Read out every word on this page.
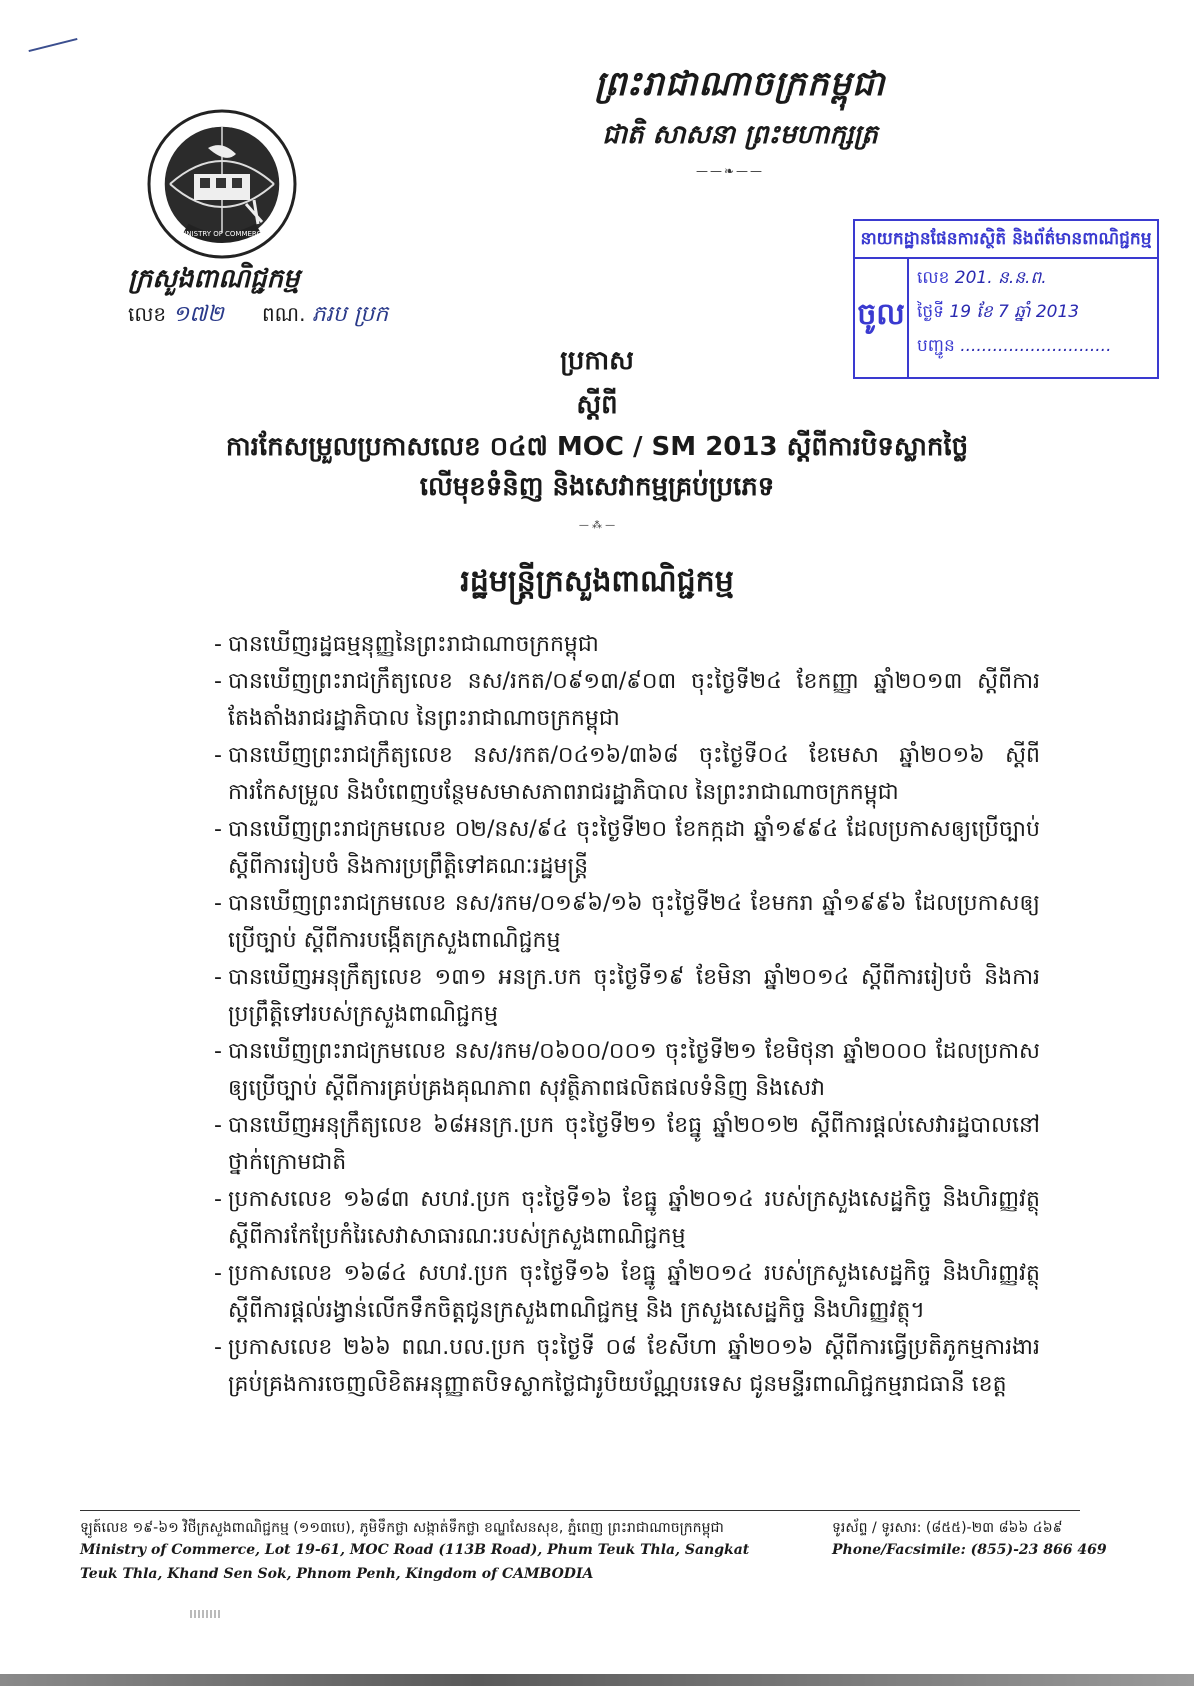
ព្រះរាជាណាចក្រកម្ពុជា
ជាតិ សាសនា ព្រះមហាក្សត្រ
——❧——
MINISTRY OF COMMERCE
ក្រសួងពាណិជ្ជកម្ម
លេខ ១៧២ ពណ. ភរប ប្រក
នាយកដ្ឋានផែនការស្ថិតិ និងព័ត៌មានពាណិជ្ជកម្ម
ចូល
លេខ 201. ន.ន.ព.
ថ្ងៃទី 19 ខែ 7 ឆ្នាំ 2013
បញ្ជូន ............................
ប្រកាស
ស្ដីពី
ការកែសម្រួលប្រកាសលេខ ០៤៧ MOC / SM 2013 ស្ដីពីការបិទស្លាកថ្លៃ
លើមុខទំនិញ និងសេវាកម្មគ្រប់ប្រភេទ
— ⁂ —
រដ្ឋមន្ត្រីក្រសួងពាណិជ្ជកម្ម

- បានឃើញរដ្ឋធម្មនុញ្ញនៃព្រះរាជាណាចក្រកម្ពុជា

- បានឃើញព្រះរាជក្រឹត្យលេខ នស/រកត/០៩១៣/៩០៣ ចុះថ្ងៃទី២៤ ខែកញ្ញា ឆ្នាំ២០១៣ ស្ដីពីការតែងតាំងរាជរដ្ឋាភិបាល នៃព្រះរាជាណាចក្រកម្ពុជា

- បានឃើញព្រះរាជក្រឹត្យលេខ នស/រកត/០៤១៦/៣៦៨ ចុះថ្ងៃទី០៤ ខែមេសា ឆ្នាំ២០១៦ ស្ដីពីការកែសម្រួល និងបំពេញបន្ថែមសមាសភាពរាជរដ្ឋាភិបាល នៃព្រះរាជាណាចក្រកម្ពុជា

- បានឃើញព្រះរាជក្រមលេខ ០២/នស/៩៤ ចុះថ្ងៃទី២០ ខែកក្កដា ឆ្នាំ១៩៩៤ ដែលប្រកាសឲ្យប្រើច្បាប់ស្ដីពីការរៀបចំ និងការប្រព្រឹត្តិទៅគណៈរដ្ឋមន្ត្រី

- បានឃើញព្រះរាជក្រមលេខ នស/រកម/០១៩៦/១៦ ចុះថ្ងៃទី២៤ ខែមករា ឆ្នាំ១៩៩៦ ដែលប្រកាសឲ្យប្រើច្បាប់ ស្ដីពីការបង្កើតក្រសួងពាណិជ្ជកម្ម

- បានឃើញអនុក្រឹត្យលេខ ១៣១ អនក្រ.បក ចុះថ្ងៃទី១៩ ខែមិនា ឆ្នាំ២០១៤ ស្ដីពីការរៀបចំ និងការប្រព្រឹត្តិទៅរបស់ក្រសួងពាណិជ្ជកម្ម

- បានឃើញព្រះរាជក្រមលេខ នស/រកម/០៦០០/០០១ ចុះថ្ងៃទី២១ ខែមិថុនា ឆ្នាំ២០០០ ដែលប្រកាសឲ្យប្រើច្បាប់ ស្ដីពីការគ្រប់គ្រងគុណភាព សុវត្ថិភាពផលិតផលទំនិញ និងសេវា

- បានឃើញអនុក្រឹត្យលេខ ៦៨អនក្រ.ប្រក ចុះថ្ងៃទី២១ ខែធ្នូ ឆ្នាំ២០១២ ស្ដីពីការផ្ដល់សេវារដ្ឋបាលនៅថ្នាក់ក្រោមជាតិ

- ប្រកាសលេខ ១៦៨៣ សហវ.ប្រក ចុះថ្ងៃទី១៦ ខែធ្នូ ឆ្នាំ២០១៤ របស់ក្រសួងសេដ្ឋកិច្ច និងហិរញ្ញវត្ថុ ស្ដីពីការកែប្រែកំរៃសេវាសាធារណៈរបស់ក្រសួងពាណិជ្ជកម្ម

- ប្រកាសលេខ ១៦៨៤ សហវ.ប្រក ចុះថ្ងៃទី១៦ ខែធ្នូ ឆ្នាំ២០១៤ របស់ក្រសួងសេដ្ឋកិច្ច និងហិរញ្ញវត្ថុ ស្ដីពីការផ្ដល់រង្វាន់លើកទឹកចិត្តជូនក្រសួងពាណិជ្ជកម្ម និង ក្រសួងសេដ្ឋកិច្ច និងហិរញ្ញវត្ថុ។

- ប្រកាសលេខ ២៦៦ ពណ.បល.ប្រក ចុះថ្ងៃទី ០៨ ខែសីហា ឆ្នាំ២០១៦ ស្ដីពីការធ្វើប្រតិភូកម្មការងារគ្រប់គ្រងការចេញលិខិតអនុញ្ញាតបិទស្លាកថ្លៃជារូបិយប័ណ្ណបរទេស ជូនមន្ទីរពាណិជ្ជកម្មរាជធានី ខេត្ត

ឡូត៍លេខ ១៩-៦១ វិថីក្រសួងពាណិជ្ជកម្ម (១១៣បេ), ភូមិទឹកថ្លា សង្កាត់ទឹកថ្លា ខណ្ឌសែនសុខ, ភ្នំពេញ ព្រះរាជាណាចក្រកម្ពុជា	ទូរស័ព្ទ / ទូរសារ: (៨៥៥)-២៣ ៨៦៦ ៤៦៩
Ministry of Commerce, Lot 19-61, MOC Road (113B Road), Phum Teuk Thla, Sangkat
Teuk Thla, Khand Sen Sok, Phnom Penh, Kingdom of CAMBODIA
Phone/Facsimile: (855)-23 866 469
